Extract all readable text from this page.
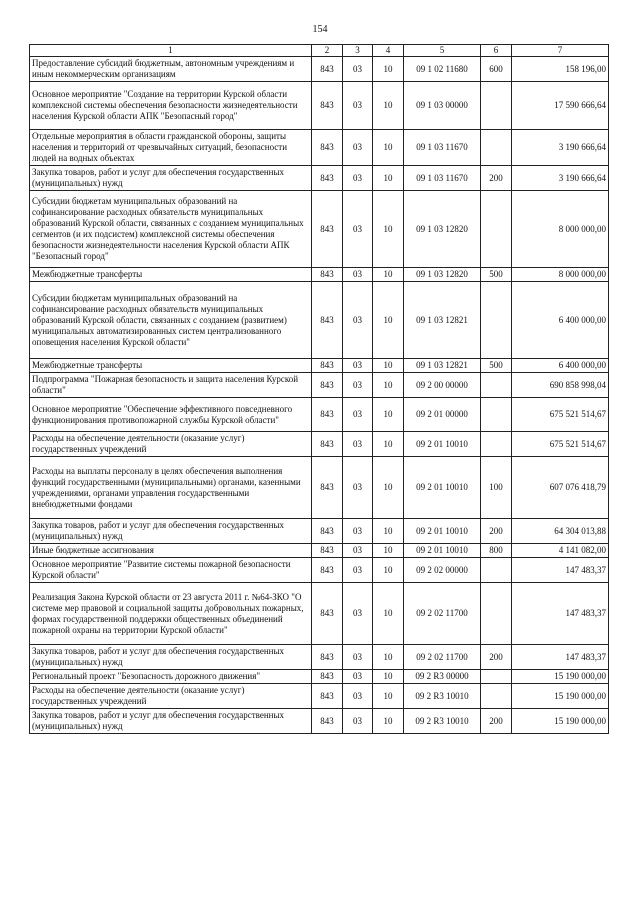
154
1	2	3	4	5	6	7
Предоставление субсидий бюджетным, автономным учреждениям и иным некоммерческим организациям	843	03	10	09 1 02 11680	600	158 196,00
Основное мероприятие "Создание на территории Курской области комплексной системы обеспечения безопасности жизнедеятельности населения Курской области АПК "Безопасный город"	843	03	10	09 1 03 00000		17 590 666,64
Отдельные мероприятия в области гражданской обороны, защиты населения и территорий от чрезвычайных ситуаций, безопасности людей на водных объектах	843	03	10	09 1 03 11670		3 190 666,64
Закупка товаров, работ и услуг для обеспечения государственных (муниципальных) нужд	843	03	10	09 1 03 11670	200	3 190 666,64
Субсидии бюджетам муниципальных образований на софинансирование расходных обязательств муниципальных образований Курской области, связанных с созданием муниципальных сегментов (и их подсистем) комплексной системы обеспечения безопасности жизнедеятельности населения Курской области АПК "Безопасный город"	843	03	10	09 1 03 12820		8 000 000,00
Межбюджетные трансферты	843	03	10	09 1 03 12820	500	8 000 000,00
Субсидии бюджетам муниципальных образований на софинансирование расходных обязательств муниципальных образований Курской области, связанных с созданием (развитием) муниципальных автоматизированных систем централизованного оповещения населения Курской области"	843	03	10	09 1 03 12821		6 400 000,00
Межбюджетные трансферты	843	03	10	09 1 03 12821	500	6 400 000,00
Подпрограмма "Пожарная безопасность и защита населения Курской области"	843	03	10	09 2 00 00000		690 858 998,04
Основное мероприятие "Обеспечение эффективного повседневного функционирования противопожарной службы Курской области"	843	03	10	09 2 01 00000		675 521 514,67
Расходы на обеспечение деятельности (оказание услуг) государственных учреждений	843	03	10	09 2 01 10010		675 521 514,67
Расходы на выплаты персоналу в целях обеспечения выполнения функций государственными (муниципальными) органами, казенными учреждениями, органами управления государственными внебюджетными фондами	843	03	10	09 2 01 10010	100	607 076 418,79
Закупка товаров, работ и услуг для обеспечения государственных (муниципальных) нужд	843	03	10	09 2 01 10010	200	64 304 013,88
Иные бюджетные ассигнования	843	03	10	09 2 01 10010	800	4 141 082,00
Основное мероприятие "Развитие системы пожарной безопасности Курской области"	843	03	10	09 2 02 00000		147 483,37
Реализация Закона Курской области от 23 августа 2011 г. №64-ЗКО "О системе мер правовой и социальной защиты добровольных пожарных, формах государственной поддержки общественных объединений пожарной охраны на территории Курской области"	843	03	10	09 2 02 11700		147 483,37
Закупка товаров, работ и услуг для обеспечения государственных (муниципальных) нужд	843	03	10	09 2 02 11700	200	147 483,37
Региональный проект "Безопасность дорожного движения"	843	03	10	09 2 R3 00000		15 190 000,00
Расходы на обеспечение деятельности (оказание услуг) государственных учреждений	843	03	10	09 2 R3 10010		15 190 000,00
Закупка товаров, работ и услуг для обеспечения государственных (муниципальных) нужд	843	03	10	09 2 R3 10010	200	15 190 000,00
